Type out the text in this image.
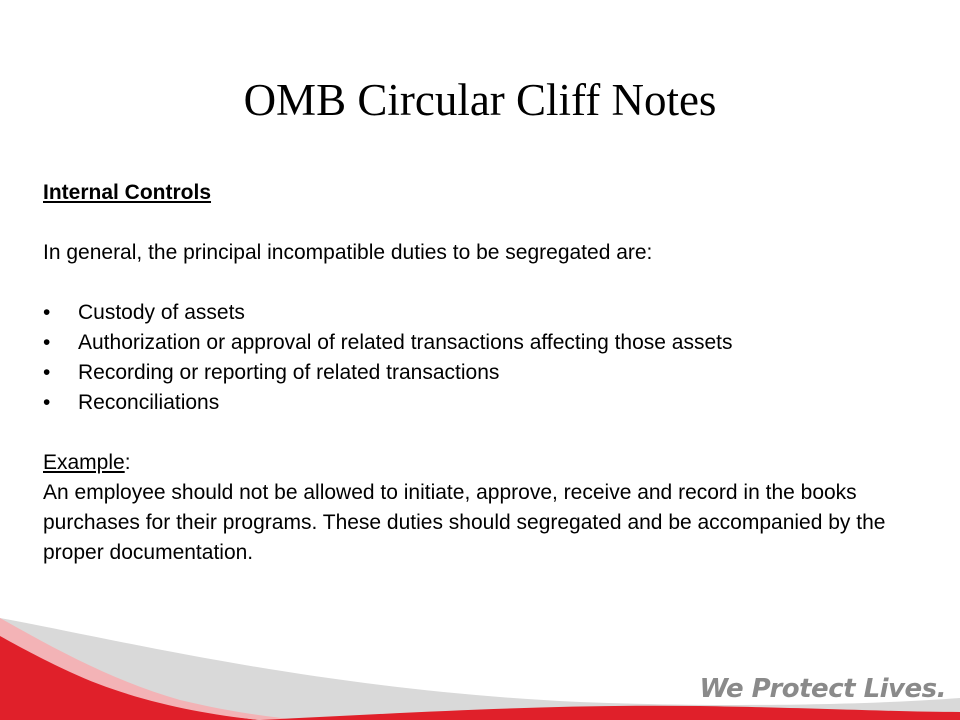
OMB Circular Cliff Notes

Internal Controls

In general, the principal incompatible duties to be segregated are:

• Custody of assets
• Authorization or approval of related transactions affecting those assets
• Recording or reporting of related transactions
• Reconciliations

Example:

An employee should not be allowed to initiate, approve, receive and record in the books purchases for their programs. These duties should segregated and be accompanied by the proper documentation.

We Protect Lives.
